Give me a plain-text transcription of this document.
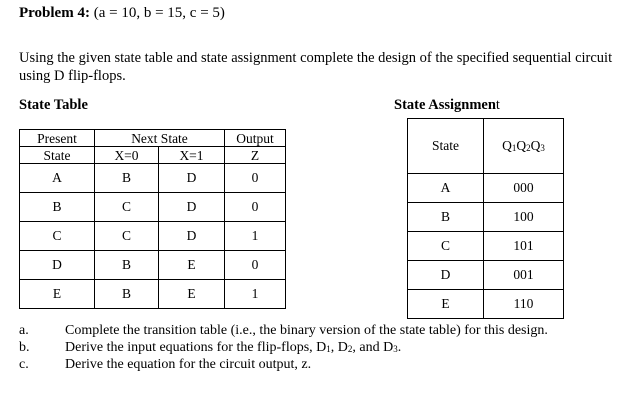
Problem 4: (a = 10, b = 15, c = 5)
Using the given state table and state assignment complete the design of the specified sequential circuit using D flip-flops.
State Table	State Assignment
Present	Next State		Output
State	X=0	X=1	Z
A	B	D	0
B	C	D	0
C	C	D	1
D	B	E	0
E	B	E	1
State	Q1Q2Q3
A	000
B	100
C	101
D	001
E	110
a.	Complete the transition table (i.e., the binary version of the state table) for this design.
b.	Derive the input equations for the flip-flops, D1, D2, and D3.
c.	Derive the equation for the circuit output, z.
